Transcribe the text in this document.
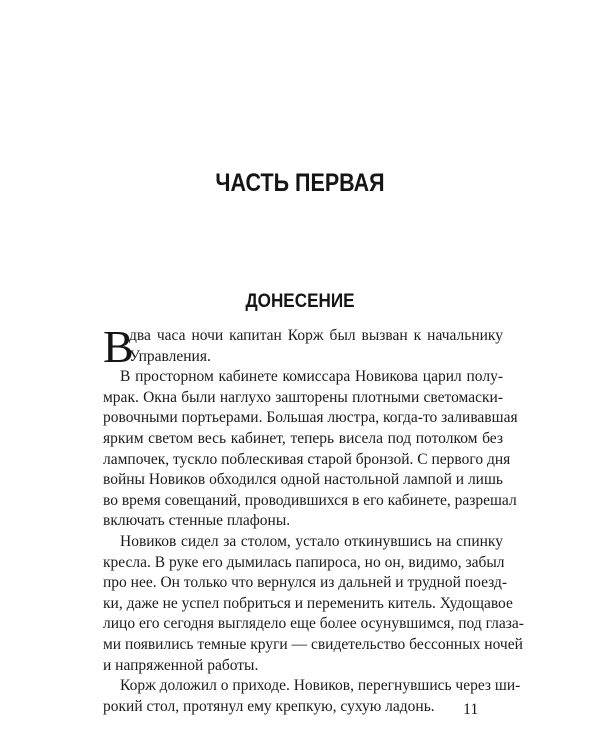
ЧАСТЬ ПЕРВАЯ
ДОНЕСЕНИЕ

В
два часа ночи капитан Корж был вызван к начальнику
Управления.

В просторном кабинете комиссара Новикова царил полу-
мрак. Окна были наглухо зашторены плотными светомаски-
ровочными портьерами. Большая люстра, когда-то заливавшая
ярким светом весь кабинет, теперь висела под потолком без
лампочек, тускло поблескивая старой бронзой. С первого дня
войны Новиков обходился одной настольной лампой и лишь
во время совещаний, проводившихся в его кабинете, разрешал
включать стенные плафоны.

Новиков сидел за столом, устало откинувшись на спинку
кресла. В руке его дымилась папироса, но он, видимо, забыл
про нее. Он только что вернулся из дальней и трудной поезд-
ки, даже не успел побриться и переменить китель. Худощавое
лицо его сегодня выглядело еще более осунувшимся, под глаза-
ми появились темные круги — свидетельство бессонных ночей
и напряженной работы.

Корж доложил о приходе. Новиков, перегнувшись через ши-
рокий стол, протянул ему крепкую, сухую ладонь.	11
